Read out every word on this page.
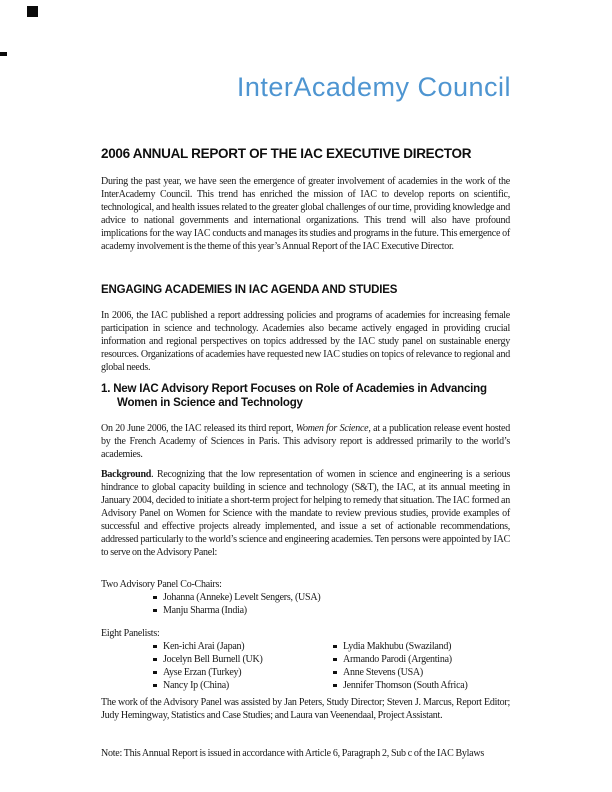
InterAcademy Council
2006 ANNUAL REPORT OF THE IAC EXECUTIVE DIRECTOR
During the past year, we have seen the emergence of greater involvement of academies in the work of the InterAcademy Council. This trend has enriched the mission of IAC to develop reports on scientific, technological, and health issues related to the greater global challenges of our time, providing knowledge and advice to national governments and international organizations. This trend will also have profound implications for the way IAC conducts and manages its studies and programs in the future. This emergence of academy involvement is the theme of this year’s Annual Report of the IAC Executive Director.
ENGAGING ACADEMIES IN IAC AGENDA AND STUDIES
In 2006, the IAC published a report addressing policies and programs of academies for increasing female participation in science and technology. Academies also became actively engaged in providing crucial information and regional perspectives on topics addressed by the IAC study panel on sustainable energy resources. Organizations of academies have requested new IAC studies on topics of relevance to regional and global needs.
1. New IAC Advisory Report Focuses on Role of Academies in Advancing Women in Science and Technology
On 20 June 2006, the IAC released its third report, Women for Science, at a publication release event hosted by the French Academy of Sciences in Paris. This advisory report is addressed primarily to the world’s academies.
Background. Recognizing that the low representation of women in science and engineering is a serious hindrance to global capacity building in science and technology (S&T), the IAC, at its annual meeting in January 2004, decided to initiate a short-term project for helping to remedy that situation. The IAC formed an Advisory Panel on Women for Science with the mandate to review previous studies, provide examples of successful and effective projects already implemented, and issue a set of actionable recommendations, addressed particularly to the world’s science and engineering academies. Ten persons were appointed by IAC to serve on the Advisory Panel:
Two Advisory Panel Co-Chairs:
Johanna (Anneke) Levelt Sengers, (USA)
Manju Sharma (India)
Eight Panelists:
Ken-ichi Arai (Japan)
Jocelyn Bell Burnell (UK)
Ayse Erzan (Turkey)
Nancy Ip (China)
Lydia Makhubu (Swaziland)
Armando Parodi (Argentina)
Anne Stevens (USA)
Jennifer Thomson (South Africa)
The work of the Advisory Panel was assisted by Jan Peters, Study Director; Steven J. Marcus, Report Editor; Judy Hemingway, Statistics and Case Studies; and Laura van Veenendaal, Project Assistant.
Note: This Annual Report is issued in accordance with Article 6, Paragraph 2, Sub c of the IAC Bylaws
